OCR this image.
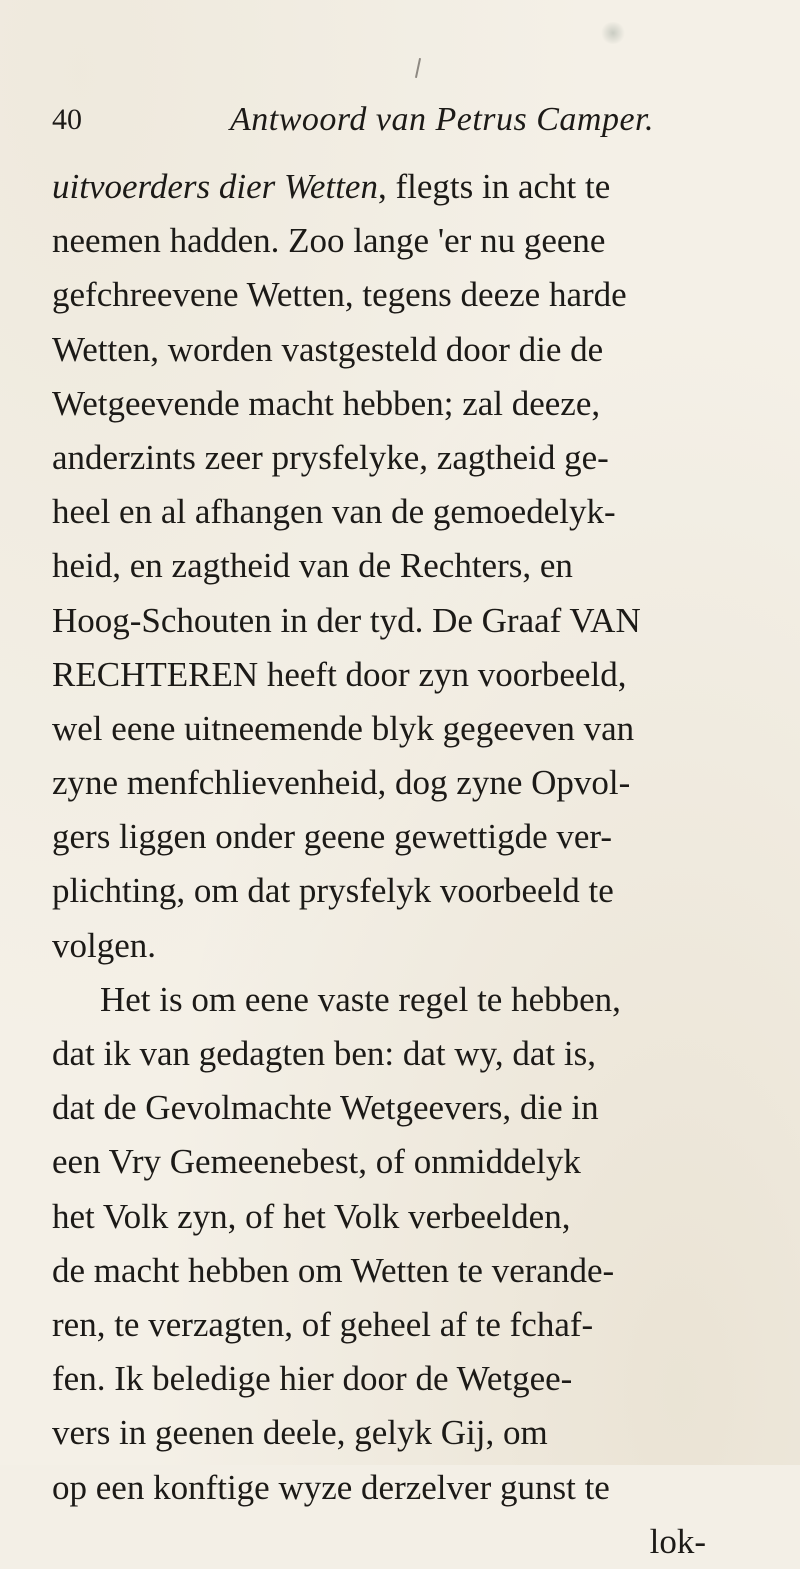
40	Antwoord van Petrus Camper.
uitvoerders dier Wetten, flegts in acht te
neemen hadden. Zoo lange 'er nu geene
gefchreevene Wetten, tegens deeze harde
Wetten, worden vastgesteld door die de
Wetgeevende macht hebben; zal deeze,
anderzints zeer prysfelyke, zagtheid ge-
heel en al afhangen van de gemoedelyk-
heid, en zagtheid van de Rechters, en
Hoog-Schouten in der tyd. De Graaf VAN
RECHTEREN heeft door zyn voorbeeld,
wel eene uitneemende blyk gegeeven van
zyne menfchlievenheid, dog zyne Opvol-
gers liggen onder geene gewettigde ver-
plichting, om dat prysfelyk voorbeeld te
volgen.
Het is om eene vaste regel te hebben,
dat ik van gedagten ben: dat wy, dat is,
dat de Gevolmachte Wetgeevers, die in
een Vry Gemeenebest, of onmiddelyk
het Volk zyn, of het Volk verbeelden,
de macht hebben om Wetten te verande-
ren, te verzagten, of geheel af te fchaf-
fen. Ik beledige hier door de Wetgee-
vers in geenen deele, gelyk Gij, om
op een konftige wyze derzelver gunst te
lok-
